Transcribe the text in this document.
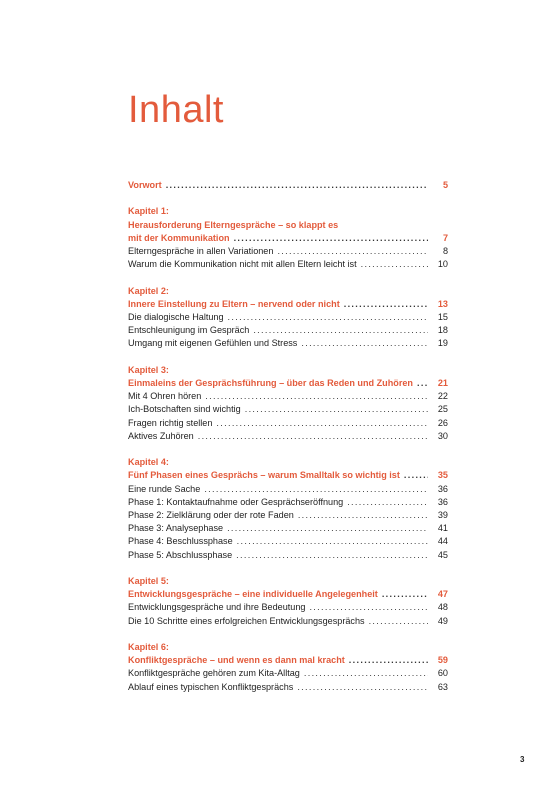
Inhalt
Vorwort . . .	5
Kapitel 1:
Herausforderung Elterngespräche – so klappt es
mit der Kommunikation . . .	7
Elterngespräche in allen Variationen . . .	8
Warum die Kommunikation nicht mit allen Eltern leicht ist . . .	10
Kapitel 2:
Innere Einstellung zu Eltern – nervend oder nicht . . .	13
Die dialogische Haltung . . .	15
Entschleunigung im Gespräch . . .	18
Umgang mit eigenen Gefühlen und Stress . . .	19
Kapitel 3:
Einmaleins der Gesprächsführung – über das Reden und Zuhören . . .	21
Mit 4 Ohren hören . . .	22
Ich-Botschaften sind wichtig . . .	25
Fragen richtig stellen . . .	26
Aktives Zuhören . . .	30
Kapitel 4:
Fünf Phasen eines Gesprächs – warum Smalltalk so wichtig ist . . .	35
Eine runde Sache . . .	36
Phase 1: Kontaktaufnahme oder Gesprächseröffnung . . .	36
Phase 2: Zielklärung oder der rote Faden . . .	39
Phase 3: Analysephase . . .	41
Phase 4: Beschlussphase . . .	44
Phase 5: Abschlussphase . . .	45
Kapitel 5:
Entwicklungsgespräche – eine individuelle Angelegenheit . . .	47
Entwicklungsgespräche und ihre Bedeutung . . .	48
Die 10 Schritte eines erfolgreichen Entwicklungsgesprächs . . .	49
Kapitel 6:
Konfliktgespräche – und wenn es dann mal kracht . . .	59
Konfliktgespräche gehören zum Kita-Alltag . . .	60
Ablauf eines typischen Konfliktgesprächs . . .	63
3
